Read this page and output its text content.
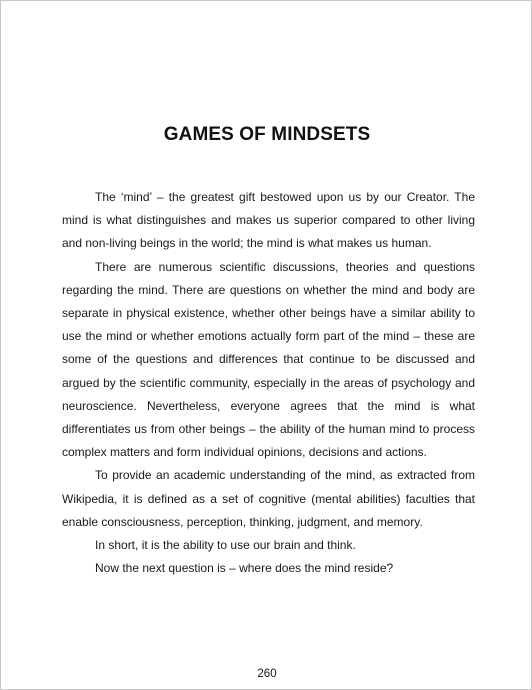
GAMES OF MINDSETS

The ‘mind’ – the greatest gift bestowed upon us by our Creator. The mind is what distinguishes and makes us superior compared to other living and non-living beings in the world; the mind is what makes us human.

There are numerous scientific discussions, theories and questions regarding the mind. There are questions on whether the mind and body are separate in physical existence, whether other beings have a similar ability to use the mind or whether emotions actually form part of the mind – these are some of the questions and differences that continue to be discussed and argued by the scientific community, especially in the areas of psychology and neuroscience. Nevertheless, everyone agrees that the mind is what differentiates us from other beings – the ability of the human mind to process complex matters and form individual opinions, decisions and actions.

To provide an academic understanding of the mind, as extracted from Wikipedia, it is defined as a set of cognitive (mental abilities) faculties that enable consciousness, perception, thinking, judgment, and memory.

In short, it is the ability to use our brain and think.

Now the next question is – where does the mind reside?

260
